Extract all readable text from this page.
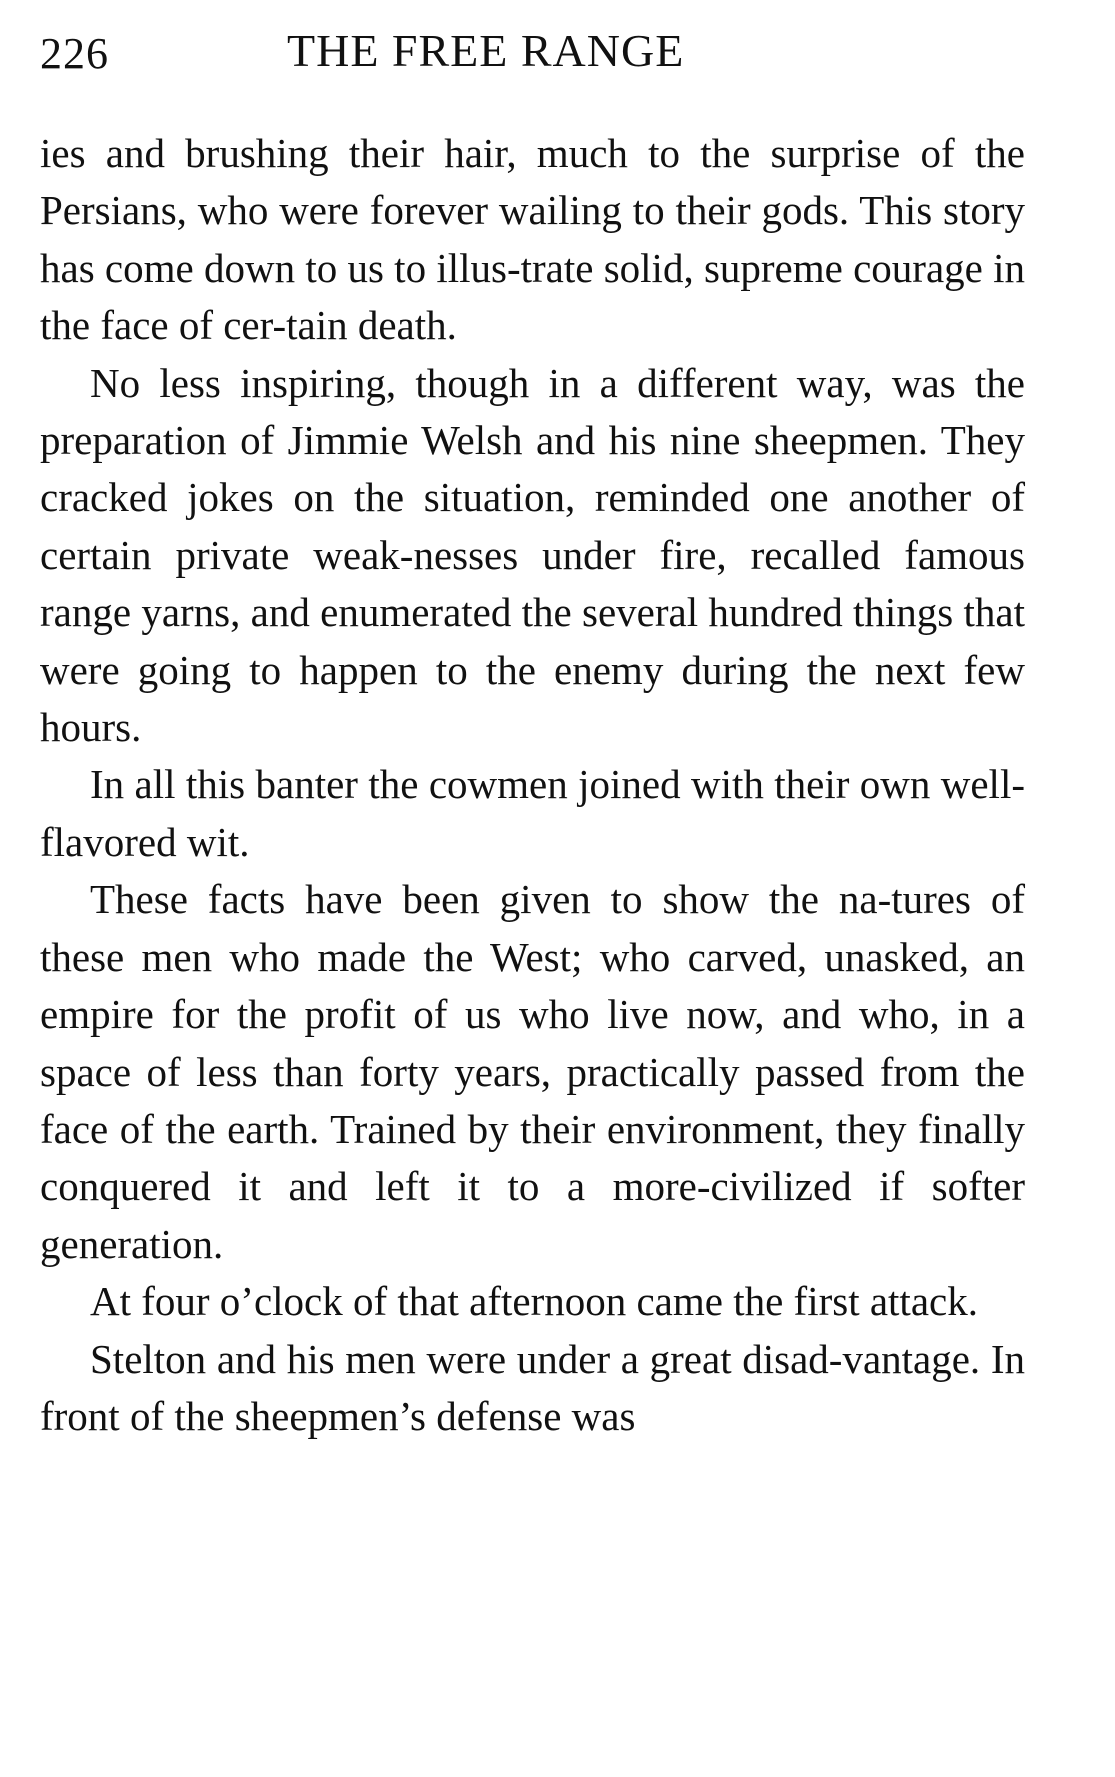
226	THE FREE RANGE

ies and brushing their hair, much to the surprise of the Persians, who were forever wailing to their gods. This story has come down to us to illus-trate solid, supreme courage in the face of cer-tain death.

No less inspiring, though in a different way, was the preparation of Jimmie Welsh and his nine sheepmen. They cracked jokes on the situation, reminded one another of certain private weak-nesses under fire, recalled famous range yarns, and enumerated the several hundred things that were going to happen to the enemy during the next few hours.

In all this banter the cowmen joined with their own well-flavored wit.

These facts have been given to show the na-tures of these men who made the West; who carved, unasked, an empire for the profit of us who live now, and who, in a space of less than forty years, practically passed from the face of the earth. Trained by their environment, they finally conquered it and left it to a more-civilized if softer generation.

At four o’clock of that afternoon came the first attack.

Stelton and his men were under a great disad-vantage. In front of the sheepmen’s defense was
